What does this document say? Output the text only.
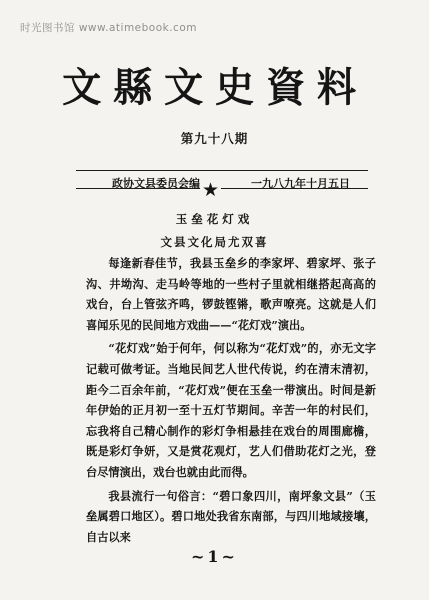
时光图书馆 www.atimebook.com
文縣文史資料
第九十八期
政协文县委员会编	一九八九年十月五日
★
玉垒花灯戏
文县文化局尤双喜

每逢新春佳节，我县玉垒乡的李家坪、碧家坪、张子沟、井坳沟、走马岭等地的一些村子里就相继搭起高高的戏台，台上管弦齐鸣，锣鼓铿锵，歌声嘹亮。这就是人们喜闻乐见的民间地方戏曲——“花灯戏”演出。

“花灯戏”始于何年，何以称为“花灯戏”的，亦无文字记载可做考证。当地民间艺人世代传说，约在清末清初，距今二百余年前，“花灯戏”便在玉垒一带演出。时间是新年伊始的正月初一至十五灯节期间。辛苦一年的村民们，忘我将自己精心制作的彩灯争相悬挂在戏台的周围廊檐，既是彩灯争妍，又是赏花观灯，艺人们借助花灯之光，登台尽情演出，戏台也就由此而得。

我县流行一句俗言：“碧口象四川，南坪象文县”（玉垒属碧口地区）。碧口地处我省东南部，与四川地域接壤，自古以来

~1~
